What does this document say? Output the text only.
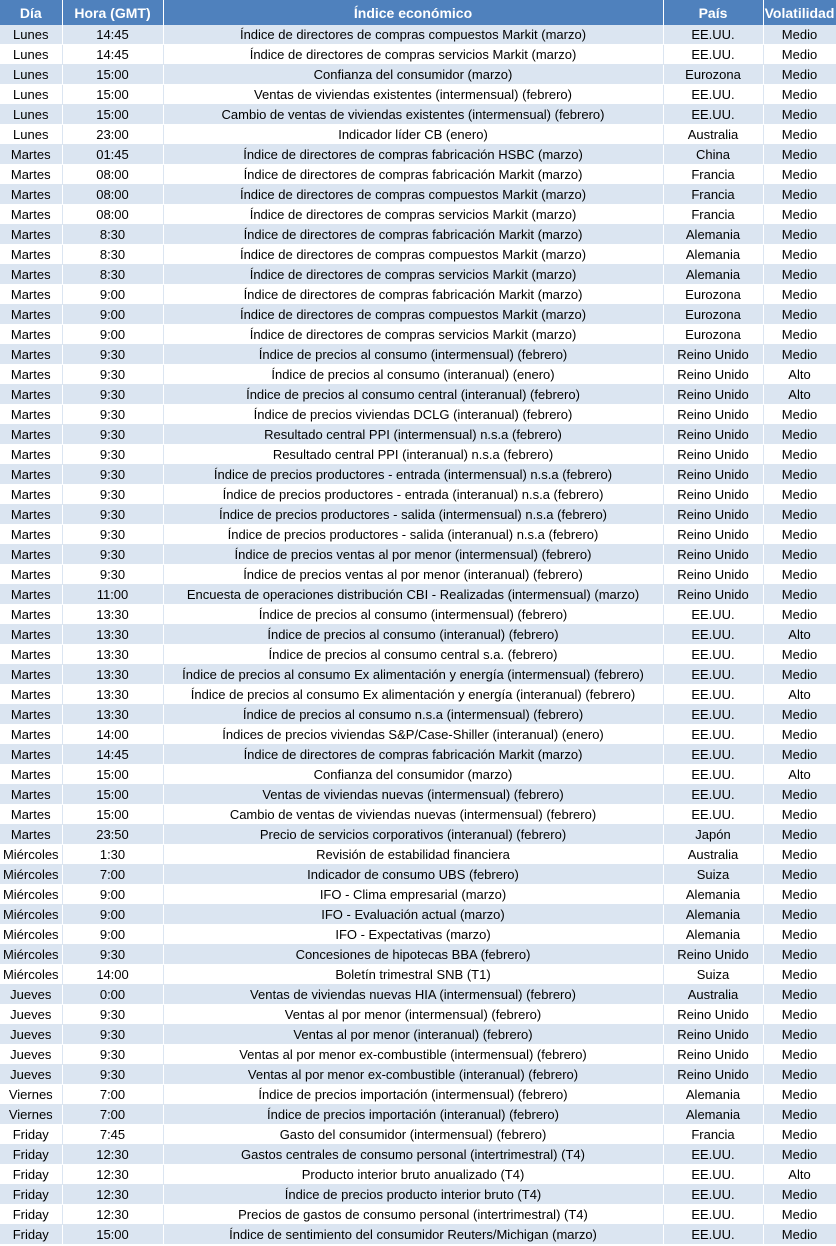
Día	Hora (GMT)	Índice económico	País	Volatilidad
Lunes	14:45	Índice de directores de compras compuestos Markit (marzo)	EE.UU.	Medio
Lunes	14:45	Índice de directores de compras servicios Markit (marzo)	EE.UU.	Medio
Lunes	15:00	Confianza del consumidor (marzo)	Eurozona	Medio
Lunes	15:00	Ventas de viviendas existentes (intermensual) (febrero)	EE.UU.	Medio
Lunes	15:00	Cambio de ventas de viviendas existentes (intermensual) (febrero)	EE.UU.	Medio
Lunes	23:00	Indicador líder CB (enero)	Australia	Medio
Martes	01:45	Índice de directores de compras fabricación HSBC (marzo)	China	Medio
Martes	08:00	Índice de directores de compras fabricación Markit (marzo)	Francia	Medio
Martes	08:00	Índice de directores de compras compuestos Markit (marzo)	Francia	Medio
Martes	08:00	Índice de directores de compras servicios Markit (marzo)	Francia	Medio
Martes	8:30	Índice de directores de compras fabricación Markit (marzo)	Alemania	Medio
Martes	8:30	Índice de directores de compras compuestos Markit (marzo)	Alemania	Medio
Martes	8:30	Índice de directores de compras servicios Markit (marzo)	Alemania	Medio
Martes	9:00	Índice de directores de compras fabricación Markit (marzo)	Eurozona	Medio
Martes	9:00	Índice de directores de compras compuestos Markit (marzo)	Eurozona	Medio
Martes	9:00	Índice de directores de compras servicios Markit (marzo)	Eurozona	Medio
Martes	9:30	Índice de precios al consumo (intermensual) (febrero)	Reino Unido	Medio
Martes	9:30	Índice de precios al consumo (interanual) (enero)	Reino Unido	Alto
Martes	9:30	Índice de precios al consumo central (interanual) (febrero)	Reino Unido	Alto
Martes	9:30	Índice de precios viviendas DCLG (interanual) (febrero)	Reino Unido	Medio
Martes	9:30	Resultado central PPI (intermensual) n.s.a (febrero)	Reino Unido	Medio
Martes	9:30	Resultado central PPI (interanual) n.s.a (febrero)	Reino Unido	Medio
Martes	9:30	Índice de precios productores - entrada (intermensual) n.s.a (febrero)	Reino Unido	Medio
Martes	9:30	Índice de precios productores - entrada (interanual) n.s.a (febrero)	Reino Unido	Medio
Martes	9:30	Índice de precios productores - salida (intermensual) n.s.a (febrero)	Reino Unido	Medio
Martes	9:30	Índice de precios productores - salida (interanual) n.s.a (febrero)	Reino Unido	Medio
Martes	9:30	Índice de precios ventas al por menor (intermensual) (febrero)	Reino Unido	Medio
Martes	9:30	Índice de precios ventas al por menor (interanual) (febrero)	Reino Unido	Medio
Martes	11:00	Encuesta de operaciones distribución CBI - Realizadas (intermensual) (marzo)	Reino Unido	Medio
Martes	13:30	Índice de precios al consumo (intermensual) (febrero)	EE.UU.	Medio
Martes	13:30	Índice de precios al consumo (interanual) (febrero)	EE.UU.	Alto
Martes	13:30	Índice de precios al consumo central s.a. (febrero)	EE.UU.	Medio
Martes	13:30	Índice de precios al consumo Ex alimentación y energía (intermensual) (febrero)	EE.UU.	Medio
Martes	13:30	Índice de precios al consumo Ex alimentación y energía (interanual) (febrero)	EE.UU.	Alto
Martes	13:30	Índice de precios al consumo n.s.a (intermensual) (febrero)	EE.UU.	Medio
Martes	14:00	Índices de precios viviendas S&P/Case-Shiller (interanual) (enero)	EE.UU.	Medio
Martes	14:45	Índice de directores de compras fabricación Markit (marzo)	EE.UU.	Medio
Martes	15:00	Confianza del consumidor (marzo)	EE.UU.	Alto
Martes	15:00	Ventas de viviendas nuevas (intermensual) (febrero)	EE.UU.	Medio
Martes	15:00	Cambio de ventas de viviendas nuevas (intermensual) (febrero)	EE.UU.	Medio
Martes	23:50	Precio de servicios corporativos (interanual) (febrero)	Japón	Medio
Miércoles	1:30	Revisión de estabilidad financiera	Australia	Medio
Miércoles	7:00	Indicador de consumo UBS (febrero)	Suiza	Medio
Miércoles	9:00	IFO - Clima empresarial (marzo)	Alemania	Medio
Miércoles	9:00	IFO - Evaluación actual (marzo)	Alemania	Medio
Miércoles	9:00	IFO - Expectativas (marzo)	Alemania	Medio
Miércoles	9:30	Concesiones de hipotecas BBA (febrero)	Reino Unido	Medio
Miércoles	14:00	Boletín trimestral SNB (T1)	Suiza	Medio
Jueves	0:00	Ventas de viviendas nuevas HIA (intermensual) (febrero)	Australia	Medio
Jueves	9:30	Ventas al por menor (intermensual) (febrero)	Reino Unido	Medio
Jueves	9:30	Ventas al por menor (interanual) (febrero)	Reino Unido	Medio
Jueves	9:30	Ventas al por menor ex-combustible (intermensual) (febrero)	Reino Unido	Medio
Jueves	9:30	Ventas al por menor ex-combustible (interanual) (febrero)	Reino Unido	Medio
Viernes	7:00	Índice de precios importación (intermensual) (febrero)	Alemania	Medio
Viernes	7:00	Índice de precios importación (interanual) (febrero)	Alemania	Medio
Friday	7:45	Gasto del consumidor (intermensual) (febrero)	Francia	Medio
Friday	12:30	Gastos centrales de consumo personal (intertrimestral) (T4)	EE.UU.	Medio
Friday	12:30	Producto interior bruto anualizado (T4)	EE.UU.	Alto
Friday	12:30	Índice de precios producto interior bruto (T4)	EE.UU.	Medio
Friday	12:30	Precios de gastos de consumo personal (intertrimestral) (T4)	EE.UU.	Medio
Friday	15:00	Índice de sentimiento del consumidor Reuters/Michigan (marzo)	EE.UU.	Medio
